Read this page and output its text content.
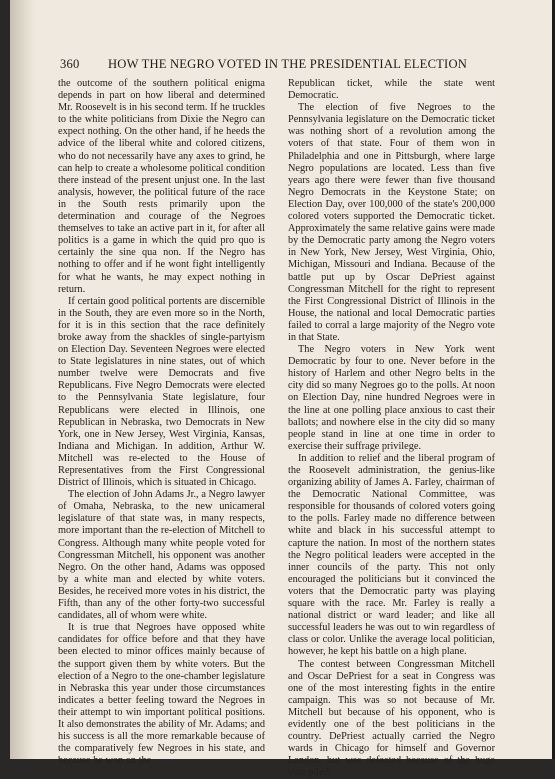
360 HOW THE NEGRO VOTED IN THE PRESIDENTIAL ELECTION

the outcome of the southern political enigma depends in part on how liberal and determined Mr. Roosevelt is in his second term. If he truckles to the white politicians from Dixie the Negro can expect nothing. On the other hand, if he heeds the advice of the liberal white and colored citizens, who do not necessarily have any axes to grind, he can help to create a wholesome political condition there instead of the present unjust one. In the last analysis, however, the political future of the race in the South rests primarily upon the determination and courage of the Negroes themselves to take an active part in it, for after all politics is a game in which the quid pro quo is certainly the sine qua non. If the Negro has nothing to offer and if he wont fight intelligently for what he wants, he may expect nothing in return.

If certain good political portents are discernible in the South, they are even more so in the North, for it is in this section that the race definitely broke away from the shackles of single-partyism on Election Day. Seventeen Negroes were elected to State legislatures in nine states, out of which number twelve were Democrats and five Republicans. Five Negro Democrats were elected to the Pennsylvania State legislature, four Republicans were elected in Illinois, one Republican in Nebraska, two Democrats in New York, one in New Jersey, West Virginia, Kansas, Indiana and Michigan. In addition, Arthur W. Mitchell was re-elected to the House of Representatives from the First Congressional District of Illinois, which is situated in Chicago.

The election of John Adams Jr., a Negro lawyer of Omaha, Nebraska, to the new unicameral legislature of that state was, in many respects, more important than the re-election of Mitchell to Congress. Although many white people voted for Congressman Mitchell, his opponent was another Negro. On the other hand, Adams was opposed by a white man and elected by white voters. Besides, he received more votes in his district, the Fifth, than any of the other forty-two successful candidates, all of whom were white.

It is true that Negroes have opposed white candidates for office before and that they have been elected to minor offices mainly because of the support given them by white voters. But the election of a Negro to the one-chamber legislature in Nebraska this year under those circumstances indicates a better feeling toward the Negroes in their attempt to win important political positions. It also demonstrates the ability of Mr. Adams; and his success is all the more remarkable because of the comparatively few Negroes in his state, and because he won on the

Republican ticket, while the state went Democratic.

The election of five Negroes to the Pennsylvania legislature on the Democratic ticket was nothing short of a revolution among the voters of that state. Four of them won in Philadelphia and one in Pittsburgh, where large Negro populations are located. Less than five years ago there were fewer than five thousand Negro Democrats in the Keystone State; on Election Day, over 100,000 of the state's 200,000 colored voters supported the Democratic ticket. Approximately the same relative gains were made by the Democratic party among the Negro voters in New York, New Jersey, West Virginia, Ohio, Michigan, Missouri and Indiana. Because of the battle put up by Oscar DePriest against Congressman Mitchell for the right to represent the First Congressional District of Illinois in the House, the national and local Democratic parties failed to corral a large majority of the Negro vote in that State.

The Negro voters in New York went Democratic by four to one. Never before in the history of Harlem and other Negro belts in the city did so many Negroes go to the polls. At noon on Election Day, nine hundred Negroes were in the line at one polling place anxious to cast their ballots; and nowhere else in the city did so many people stand in line at one time in order to exercise their suffrage privilege.

In addition to relief and the liberal program of the Roosevelt administration, the genius-like organizing ability of James A. Farley, chairman of the Democratic National Committee, was responsible for thousands of colored voters going to the polls. Farley made no difference between white and black in his successful attempt to capture the nation. In most of the northern states the Negro political leaders were accepted in the inner councils of the party. This not only encouraged the politicians but it convinced the voters that the Democratic party was playing square with the race. Mr. Farley is really a national district or ward leader; and like all successful leaders he was out to win regardless of class or color. Unlike the average local politician, however, he kept his battle on a high plane.

The contest between Congressman Mitchell and Oscar DePriest for a seat in Congress was one of the most interesting fights in the entire campaign. This was so not because of Mr. Mitchell but because of his opponent, who is evidently one of the best politicians in the country. DePriest actually carried the Negro wards in Chicago for himself and Governor Landon, but was defeated because of the huge vote piled
